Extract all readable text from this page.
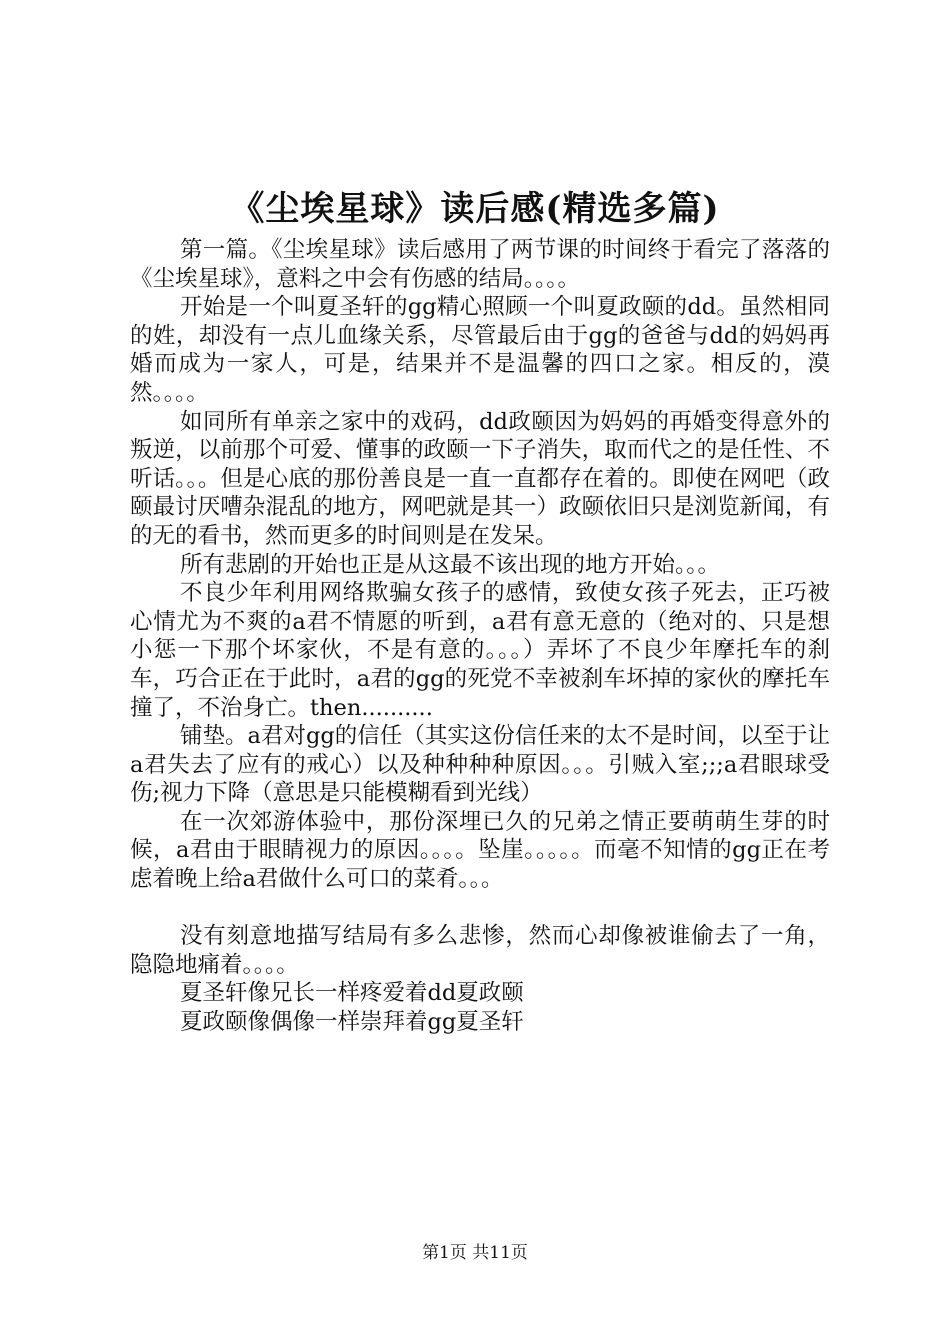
《尘埃星球》读后感(精选多篇)

第一篇。《尘埃星球》读后感用了两节课的时间终于看完了落落的《尘埃星球》，意料之中会有伤感的结局。。。。

开始是一个叫夏圣轩的gg精心照顾一个叫夏政颐的dd。虽然相同的姓，却没有一点儿血缘关系，尽管最后由于gg的爸爸与dd的妈妈再婚而成为一家人，可是，结果并不是温馨的四口之家。相反的，漠然。。。。

如同所有单亲之家中的戏码，dd政颐因为妈妈的再婚变得意外的叛逆，以前那个可爱、懂事的政颐一下子消失，取而代之的是任性、不听话。。。但是心底的那份善良是一直一直都存在着的。即使在网吧（政颐最讨厌嘈杂混乱的地方，网吧就是其一）政颐依旧只是浏览新闻，有的无的看书，然而更多的时间则是在发呆。

所有悲剧的开始也正是从这最不该出现的地方开始。。。

不良少年利用网络欺骗女孩子的感情，致使女孩子死去，正巧被心情尤为不爽的a君不情愿的听到，a君有意无意的（绝对的、只是想小惩一下那个坏家伙，不是有意的。。。）弄坏了不良少年摩托车的刹车，巧合正在于此时，a君的gg的死党不幸被刹车坏掉的家伙的摩托车撞了，不治身亡。then..........

铺垫。a君对gg的信任（其实这份信任来的太不是时间，以至于让a君失去了应有的戒心）以及种种种种原因。。。引贼入室;;;a君眼球受伤;视力下降（意思是只能模糊看到光线）

在一次郊游体验中，那份深埋已久的兄弟之情正要萌萌生芽的时候，a君由于眼睛视力的原因。。。。坠崖。。。。。而毫不知情的gg正在考虑着晚上给a君做什么可口的菜肴。。。

没有刻意地描写结局有多么悲惨，然而心却像被谁偷去了一角，隐隐地痛着。。。。

夏圣轩像兄长一样疼爱着dd夏政颐

夏政颐像偶像一样崇拜着gg夏圣轩

第1页 共11页
